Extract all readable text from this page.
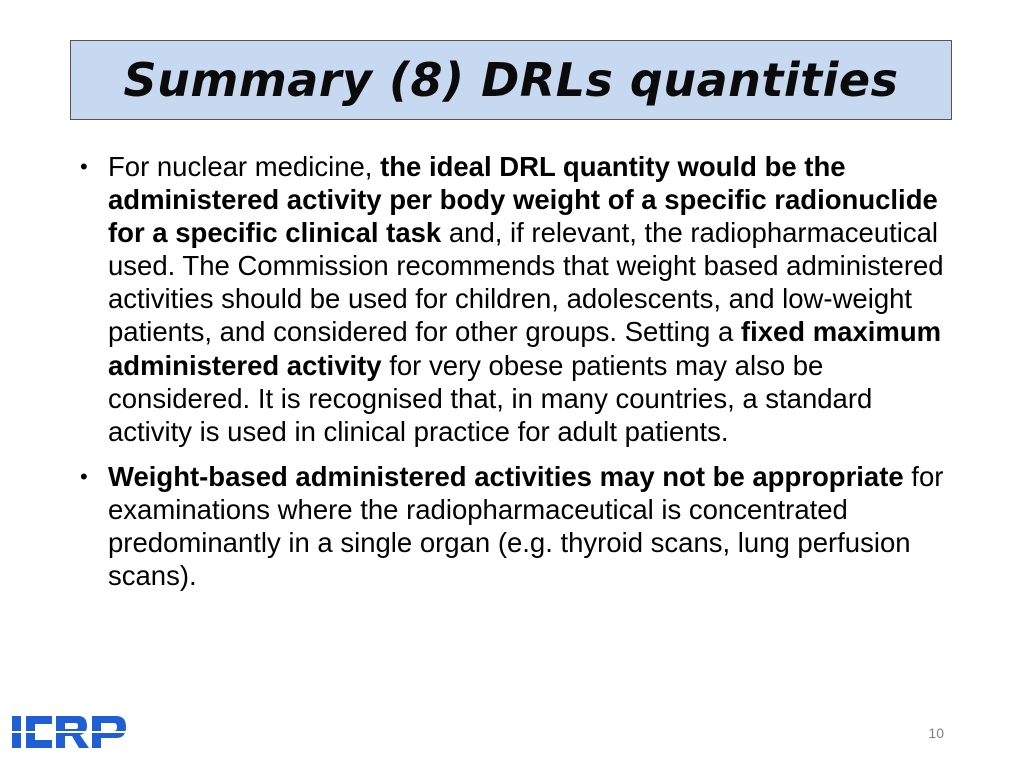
Summary (8) DRLs quantities
• For nuclear medicine, the ideal DRL quantity would be the administered activity per body weight of a specific radionuclide for a specific clinical task and, if relevant, the radiopharmaceutical used. The Commission recommends that weight based administered activities should be used for children, adolescents, and low-weight patients, and considered for other groups. Setting a fixed maximum administered activity for very obese patients may also be considered. It is recognised that, in many countries, a standard activity is used in clinical practice for adult patients.
• Weight-based administered activities may not be appropriate for examinations where the radiopharmaceutical is concentrated predominantly in a single organ (e.g. thyroid scans, lung perfusion scans).
10
